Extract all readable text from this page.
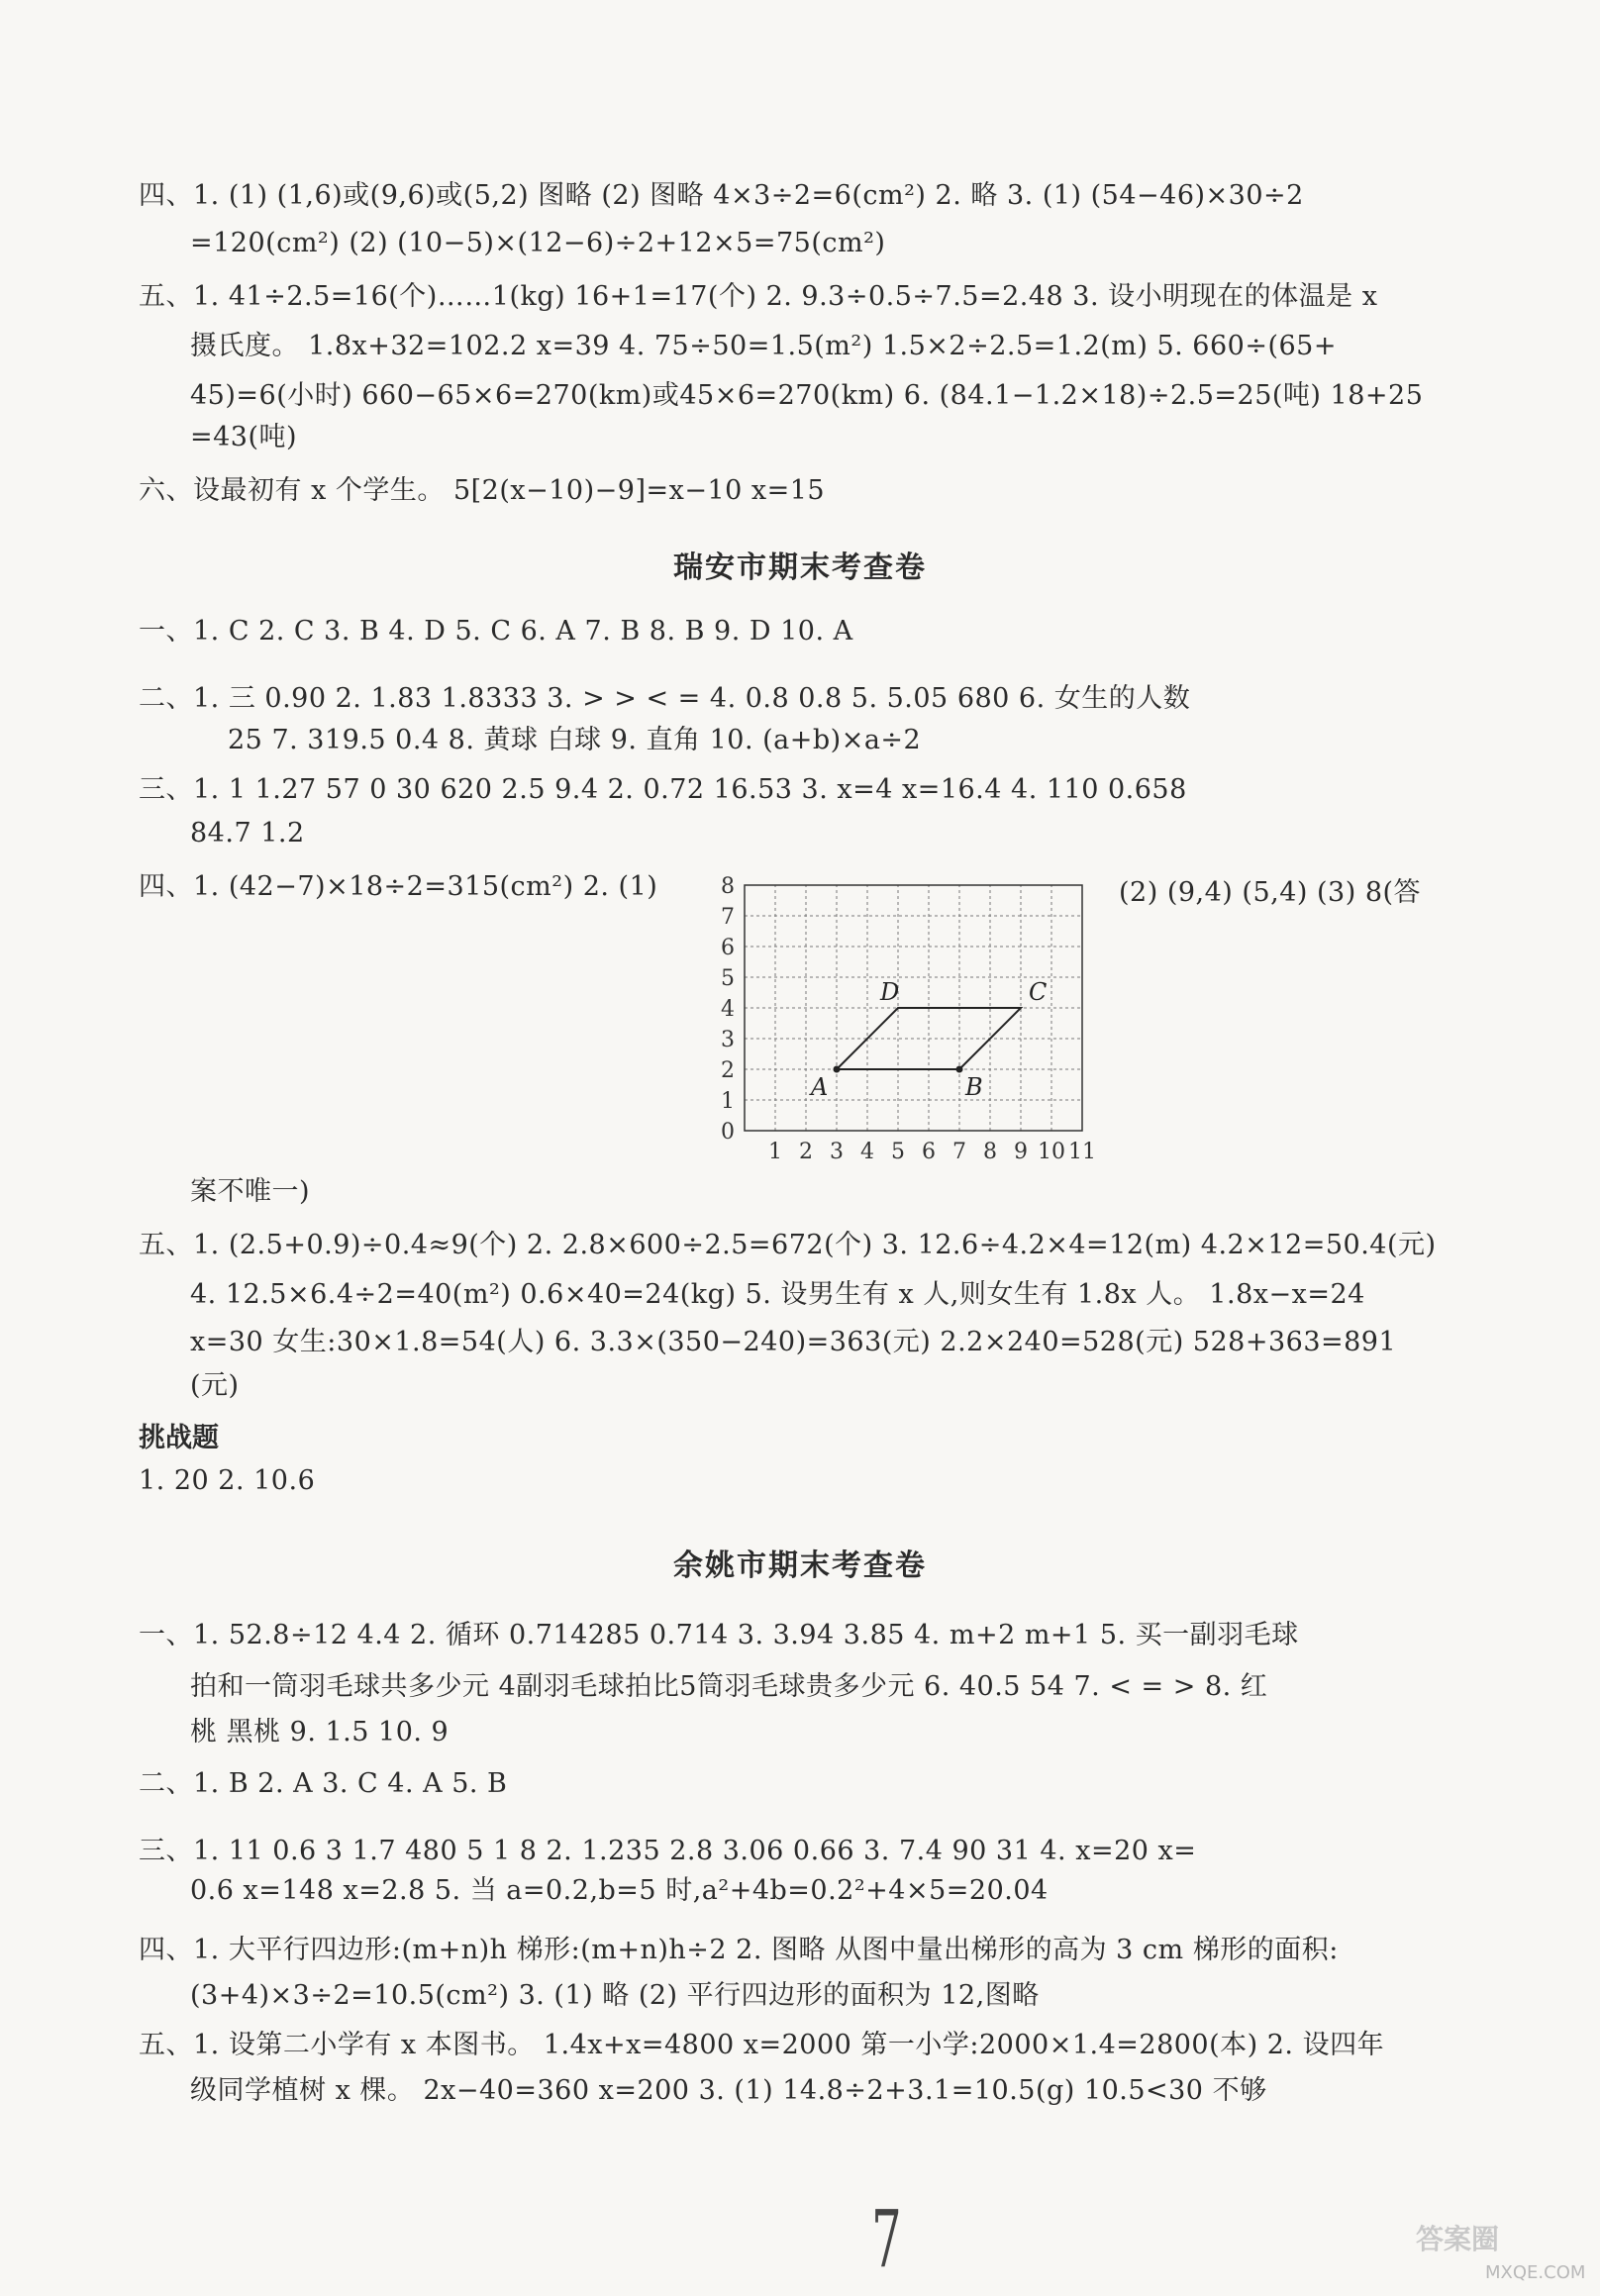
四、1. (1) (1,6)或(9,6)或(5,2) 图略 (2) 图略 4×3÷2=6(cm²) 2. 略 3. (1) (54−46)×30÷2
=120(cm²) (2) (10−5)×(12−6)÷2+12×5=75(cm²)
五、1. 41÷2.5=16(个)……1(kg) 16+1=17(个) 2. 9.3÷0.5÷7.5=2.48 3. 设小明现在的体温是 x
摄氏度。 1.8x+32=102.2 x=39 4. 75÷50=1.5(m²) 1.5×2÷2.5=1.2(m) 5. 660÷(65+
45)=6(小时) 660−65×6=270(km)或45×6=270(km) 6. (84.1−1.2×18)÷2.5=25(吨) 18+25
=43(吨)
六、设最初有 x 个学生。 5[2(x−10)−9]=x−10 x=15
瑞安市期末考查卷
一、1. C 2. C 3. B 4. D 5. C 6. A 7. B 8. B 9. D 10. A
二、1. 三 0.90 2. 1.83 1.8333 3. > > < = 4. 0.8 0.8 5. 5.05 680 6. 女生的人数
25 7. 319.5 0.4 8. 黄球 白球 9. 直角 10. (a+b)×a÷2
三、1. 1 1.27 57 0 30 620 2.5 9.4 2. 0.72 16.53 3. x=4 x=16.4 4. 110 0.658
84.7 1.2
四、1. (42−7)×18÷2=315(cm²) 2. (1)	(2) (9,4) (5,4) (3) 8(答
0
1
2
3
4
5
6
7
8
1 2 3 4 5 6 7 8 9 10 11
A	B
C
D
案不唯一)
五、1. (2.5+0.9)÷0.4≈9(个) 2. 2.8×600÷2.5=672(个) 3. 12.6÷4.2×4=12(m) 4.2×12=50.4(元)
4. 12.5×6.4÷2=40(m²) 0.6×40=24(kg) 5. 设男生有 x 人,则女生有 1.8x 人。 1.8x−x=24
x=30 女生:30×1.8=54(人) 6. 3.3×(350−240)=363(元) 2.2×240=528(元) 528+363=891
(元)
挑战题
1. 20 2. 10.6
余姚市期末考查卷
一、1. 52.8÷12 4.4 2. 循环 0.714285 0.714 3. 3.94 3.85 4. m+2 m+1 5. 买一副羽毛球
拍和一筒羽毛球共多少元 4副羽毛球拍比5筒羽毛球贵多少元 6. 40.5 54 7. < = > 8. 红
桃 黑桃 9. 1.5 10. 9
二、1. B 2. A 3. C 4. A 5. B
三、1. 11 0.6 3 1.7 480 5 1 8 2. 1.235 2.8 3.06 0.66 3. 7.4 90 31 4. x=20 x=
0.6 x=148 x=2.8 5. 当 a=0.2,b=5 时,a²+4b=0.2²+4×5=20.04
四、1. 大平行四边形:(m+n)h 梯形:(m+n)h÷2 2. 图略 从图中量出梯形的高为 3 cm 梯形的面积:
(3+4)×3÷2=10.5(cm²) 3. (1) 略 (2) 平行四边形的面积为 12,图略
五、1. 设第二小学有 x 本图书。 1.4x+x=4800 x=2000 第一小学:2000×1.4=2800(本) 2. 设四年
级同学植树 x 棵。 2x−40=360 x=200 3. (1) 14.8÷2+3.1=10.5(g) 10.5<30 不够
7	答案圈
MXQE.COM
